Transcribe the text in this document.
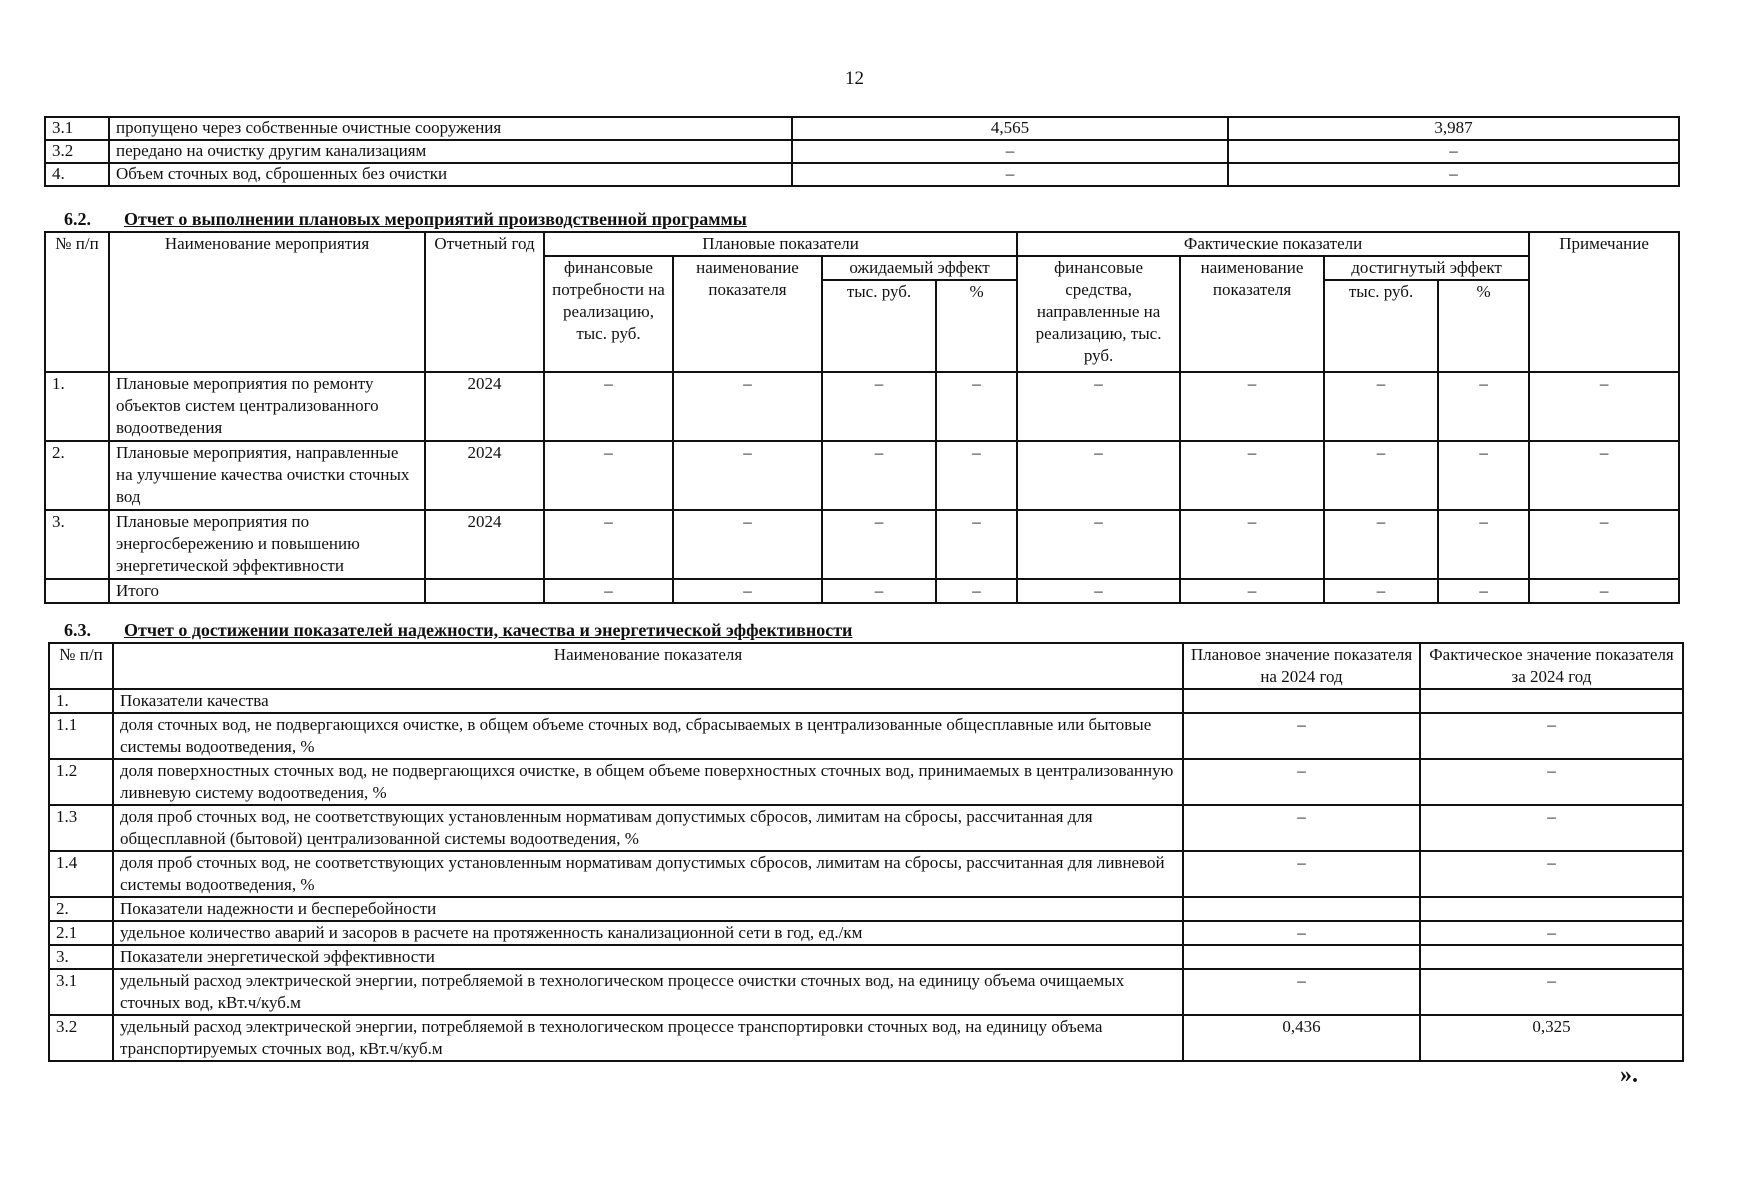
12
3.1	пропущено через собственные очистные сооружения	4,565	3,987
3.2	передано на очистку другим канализациям	–	–
4.	Объем сточных вод, сброшенных без очистки	–	–
6.2. Отчет о выполнении плановых мероприятий производственной программы
№ п/п	Наименование мероприятия	Отчетный год	Плановые показатели				Фактические показатели				Примечание
			финансовые потребности на реализацию, тыс. руб.	наименование показателя	ожидаемый эффект		финансовые средства, направленные на реализацию, тыс. руб.	наименование показателя	достигнутый эффект		
					тыс. руб.	%			тыс. руб.	%	
1.	Плановые мероприятия по ремонту объектов систем централизованного водоотведения	2024	–	–	–	–	–	–	–	–	–
2.	Плановые мероприятия, направленные на улучшение качества очистки сточных вод	2024	–	–	–	–	–	–	–	–	–
3.	Плановые мероприятия по энергосбережению и повышению энергетической эффективности	2024	–	–	–	–	–	–	–	–	–
	Итого		–	–	–	–	–	–	–	–	–
6.3. Отчет о достижении показателей надежности, качества и энергетической эффективности
№ п/п	Наименование показателя	Плановое значение показателя на 2024 год	Фактическое значение показателя за 2024 год
1.	Показатели качества		
1.1	доля сточных вод, не подвергающихся очистке, в общем объеме сточных вод, сбрасываемых в централизованные общесплавные или бытовые системы водоотведения, %	–	–
1.2	доля поверхностных сточных вод, не подвергающихся очистке, в общем объеме поверхностных сточных вод, принимаемых в централизованную ливневую систему водоотведения, %	–	–
1.3	доля проб сточных вод, не соответствующих установленным нормативам допустимых сбросов, лимитам на сбросы, рассчитанная для общесплавной (бытовой) централизованной системы водоотведения, %	–	–
1.4	доля проб сточных вод, не соответствующих установленным нормативам допустимых сбросов, лимитам на сбросы, рассчитанная для ливневой системы водоотведения, %	–	–
2.	Показатели надежности и бесперебойности		
2.1	удельное количество аварий и засоров в расчете на протяженность канализационной сети в год, ед./км	–	–
3.	Показатели энергетической эффективности		
3.1	удельный расход электрической энергии, потребляемой в технологическом процессе очистки сточных вод, на единицу объема очищаемых сточных вод, кВт.ч/куб.м	–	–
3.2	удельный расход электрической энергии, потребляемой в технологическом процессе транспортировки сточных вод, на единицу объема транспортируемых сточных вод, кВт.ч/куб.м	0,436	0,325
».
